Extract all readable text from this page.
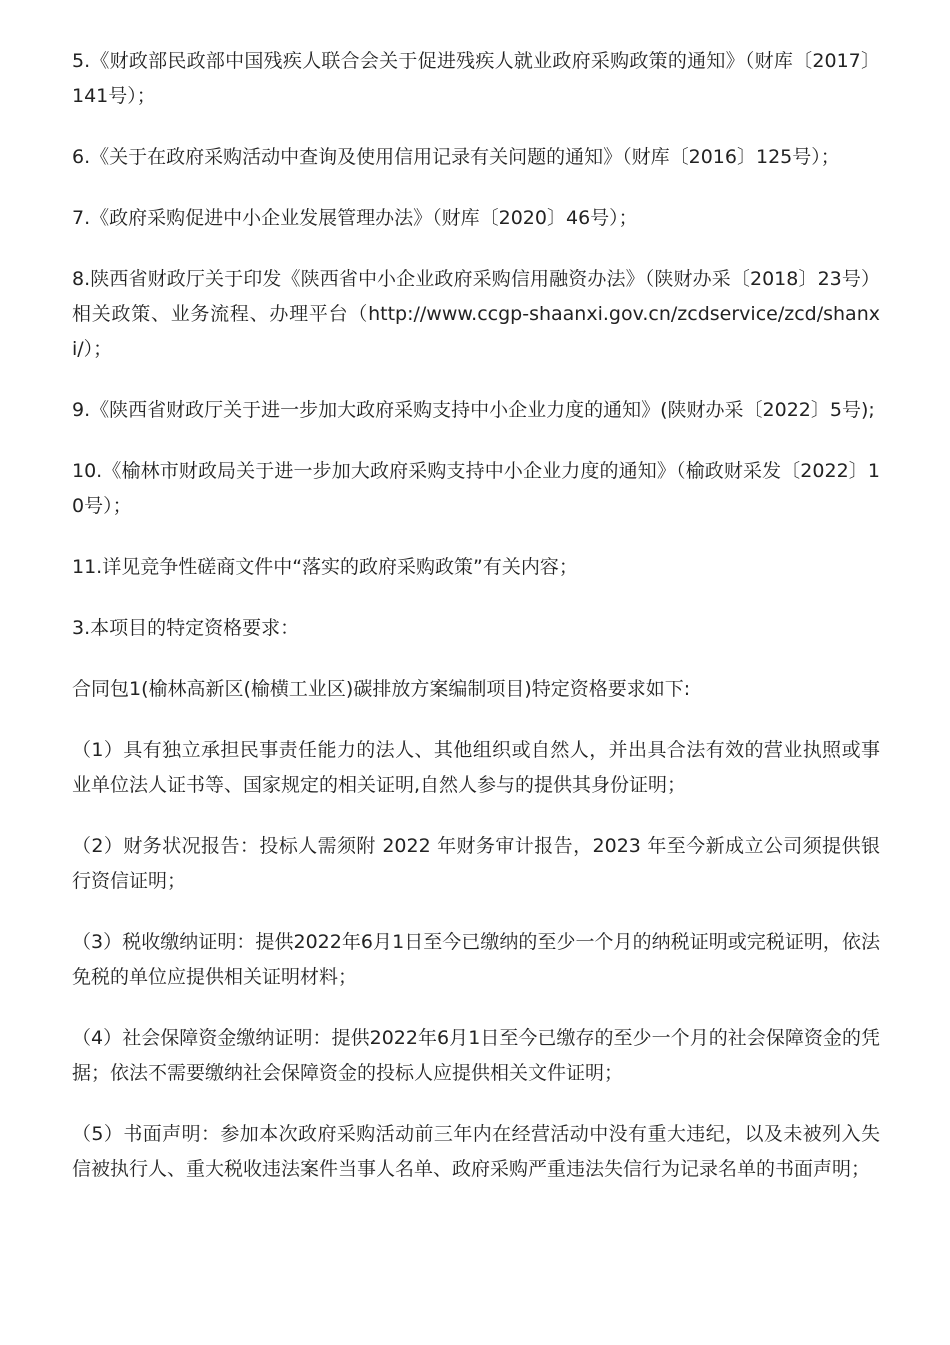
5.《财政部民政部中国残疾人联合会关于促进残疾人就业政府采购政策的通知》（财库〔2017〕141号）；

6.《关于在政府采购活动中查询及使用信用记录有关问题的通知》（财库〔2016〕125号）；

7.《政府采购促进中小企业发展管理办法》（财库〔2020〕46号）；

8.陕西省财政厅关于印发《陕西省中小企业政府采购信用融资办法》（陕财办采〔2018〕23号）相关政策、业务流程、办理平台（http://www.ccgp-shaanxi.gov.cn/zcdservice/zcd/shanxi/）；

9.《陕西省财政厅关于进一步加大政府采购支持中小企业力度的通知》(陕财办采〔2022〕5号);

10.《榆林市财政局关于进一步加大政府采购支持中小企业力度的通知》（榆政财采发〔2022〕10号）；

11.详见竞争性磋商文件中“落实的政府采购政策”有关内容；

3.本项目的特定资格要求：

合同包1(榆林高新区(榆横工业区)碳排放方案编制项目)特定资格要求如下:

（1）具有独立承担民事责任能力的法人、其他组织或自然人，并出具合法有效的营业执照或事业单位法人证书等、国家规定的相关证明,自然人参与的提供其身份证明；

（2）财务状况报告：投标人需须附 2022 年财务审计报告，2023 年至今新成立公司须提供银行资信证明；

（3）税收缴纳证明：提供2022年6月1日至今已缴纳的至少一个月的纳税证明或完税证明，依法免税的单位应提供相关证明材料；

（4）社会保障资金缴纳证明：提供2022年6月1日至今已缴存的至少一个月的社会保障资金的凭据；依法不需要缴纳社会保障资金的投标人应提供相关文件证明；

（5）书面声明：参加本次政府采购活动前三年内在经营活动中没有重大违纪，以及未被列入失信被执行人、重大税收违法案件当事人名单、政府采购严重违法失信行为记录名单的书面声明；
